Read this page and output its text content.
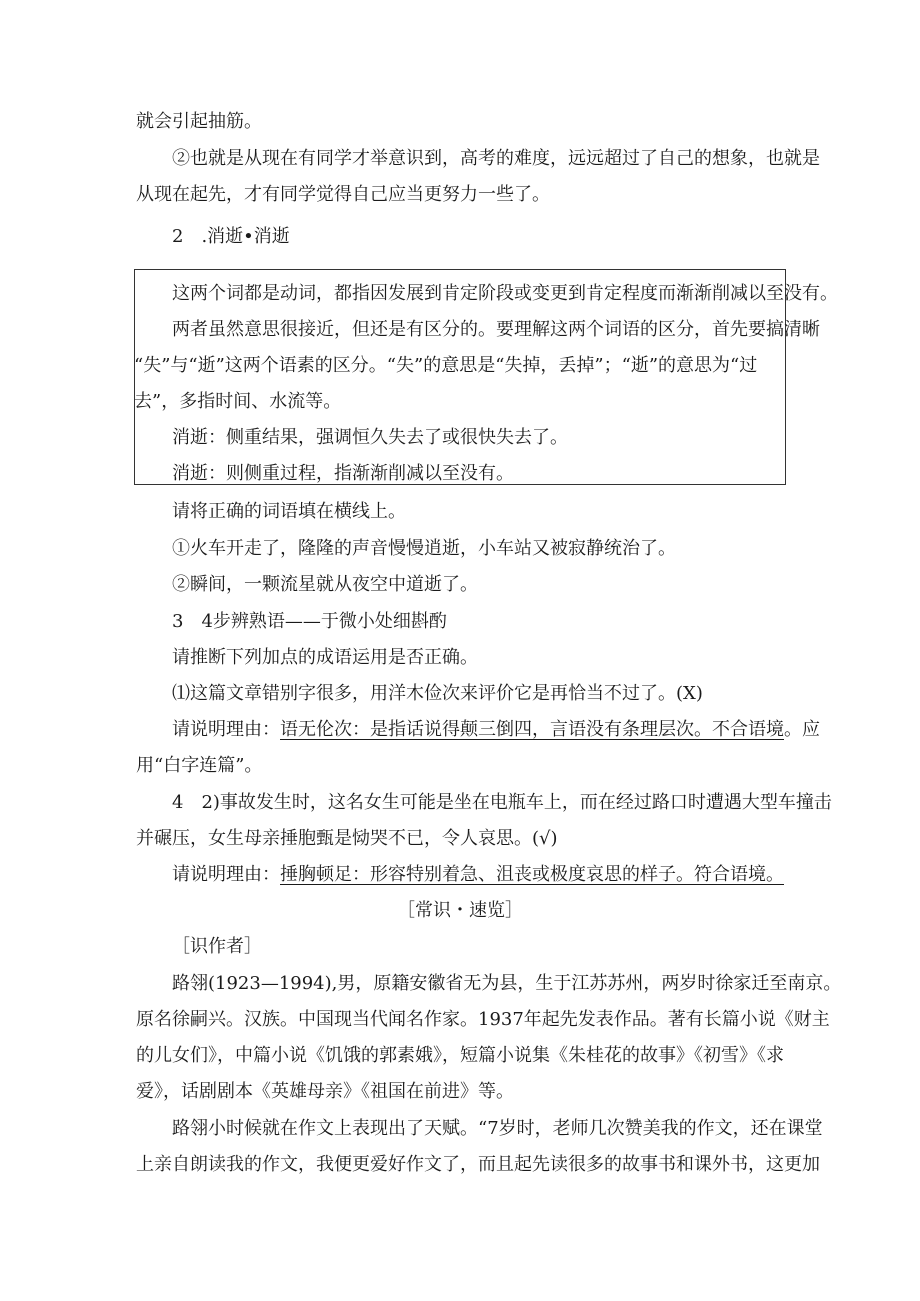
就会引起抽筋。
②也就是从现在有同学才举意识到，高考的难度，远远超过了自己的想象，也就是
从现在起先，才有同学觉得自己应当更努力一些了。
2　.消逝•消逝
这两个词都是动词，都指因发展到肯定阶段或变更到肯定程度而渐渐削减以至没有。
两者虽然意思很接近，但还是有区分的。要理解这两个词语的区分，首先要搞清晰
“失”与“逝”这两个语素的区分。“失”的意思是“失掉，丢掉”；“逝”的意思为“过
去”，多指时间、水流等。
消逝：侧重结果，强调恒久失去了或很快失去了。
消逝：则侧重过程，指渐渐削减以至没有。
请将正确的词语填在横线上。
①火车开走了，隆隆的声音慢慢逍逝，小车站又被寂静统治了。
②瞬间，一颗流星就从夜空中道逝了。
3　4步辨熟语——于微小处细斟酌
请推断下列加点的成语运用是否正确。
⑴这篇文章错别字很多，用洋木俭次来评价它是再恰当不过了。(X)
请说明理由：语无伦次：是指话说得颠三倒四，言语没有条理层次。不合语境。应
用“白字连篇”。
4　2)事故发生时，这名女生可能是坐在电瓶车上，而在经过路口时遭遇大型车撞击
并碾压，女生母亲捶胞甄是恸哭不已，令人哀思。(√)
请说明理由：捶胸顿足：形容特别着急、沮丧或极度哀思的样子。符合语境。
［常识・速览］
［识作者］
路翎(1923—1994),男，原籍安徽省无为县，生于江苏苏州，两岁时徐家迁至南京。
原名徐嗣兴。汉族。中国现当代闻名作家。1937年起先发表作品。著有长篇小说《财主
的儿女们》，中篇小说《饥饿的郭素娥》，短篇小说集《朱桂花的故事》《初雪》《求
爱》，话剧剧本《英雄母亲》《祖国在前进》等。
路翎小时候就在作文上表现出了天赋。“7岁时，老师几次赞美我的作文，还在课堂
上亲自朗读我的作文，我便更爱好作文了，而且起先读很多的故事书和课外书，这更加
